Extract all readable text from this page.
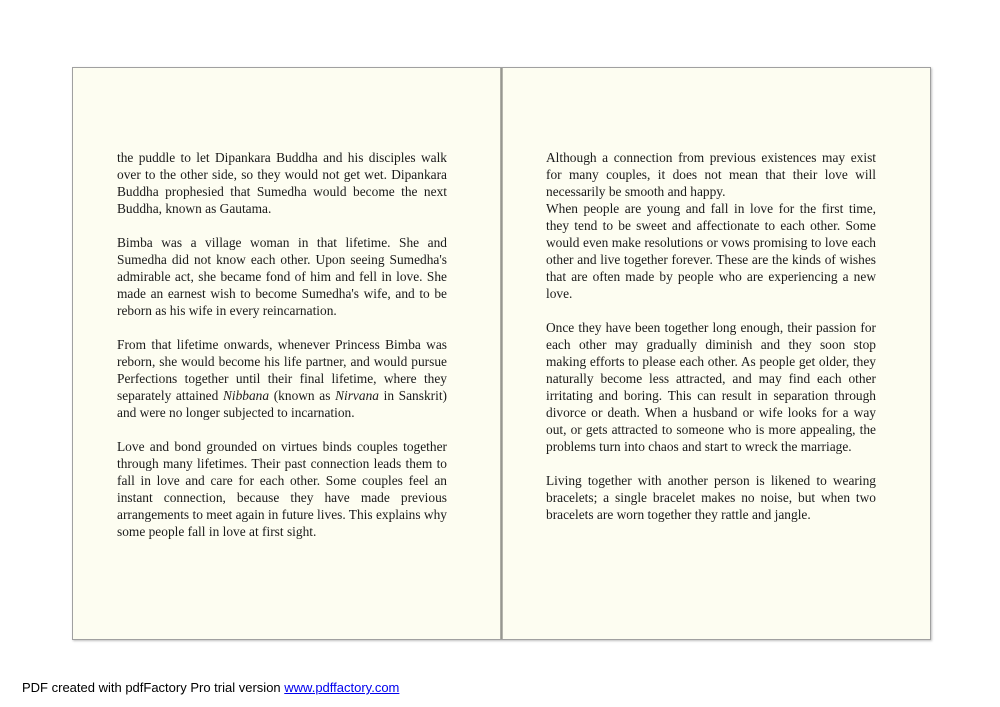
the puddle to let Dipankara Buddha and his disciples walk over to the other side, so they would not get wet. Dipankara Buddha prophesied that Sumedha would become the next Buddha, known as Gautama.

Bimba was a village woman in that lifetime. She and Sumedha did not know each other. Upon seeing Sumedha's admirable act, she became fond of him and fell in love. She made an earnest wish to become Sumedha's wife, and to be reborn as his wife in every reincarnation.

From that lifetime onwards, whenever Princess Bimba was reborn, she would become his life partner, and would pursue Perfections together until their final lifetime, where they separately attained Nibbana (known as Nirvana in Sanskrit) and were no longer subjected to incarnation.

Love and bond grounded on virtues binds couples together through many lifetimes. Their past connection leads them to fall in love and care for each other. Some couples feel an instant connection, because they have made previous arrangements to meet again in future lives. This explains why some people fall in love at first sight.

Although a connection from previous existences may exist for many couples, it does not mean that their love will necessarily be smooth and happy.

When people are young and fall in love for the first time, they tend to be sweet and affectionate to each other. Some would even make resolutions or vows promising to love each other and live together forever. These are the kinds of wishes that are often made by people who are experiencing a new love.

Once they have been together long enough, their passion for each other may gradually diminish and they soon stop making efforts to please each other. As people get older, they naturally become less attracted, and may find each other irritating and boring. This can result in separation through divorce or death. When a husband or wife looks for a way out, or gets attracted to someone who is more appealing, the problems turn into chaos and start to wreck the marriage.

Living together with another person is likened to wearing bracelets; a single bracelet makes no noise, but when two bracelets are worn together they rattle and jangle.

PDF created with pdfFactory Pro trial version www.pdffactory.com
